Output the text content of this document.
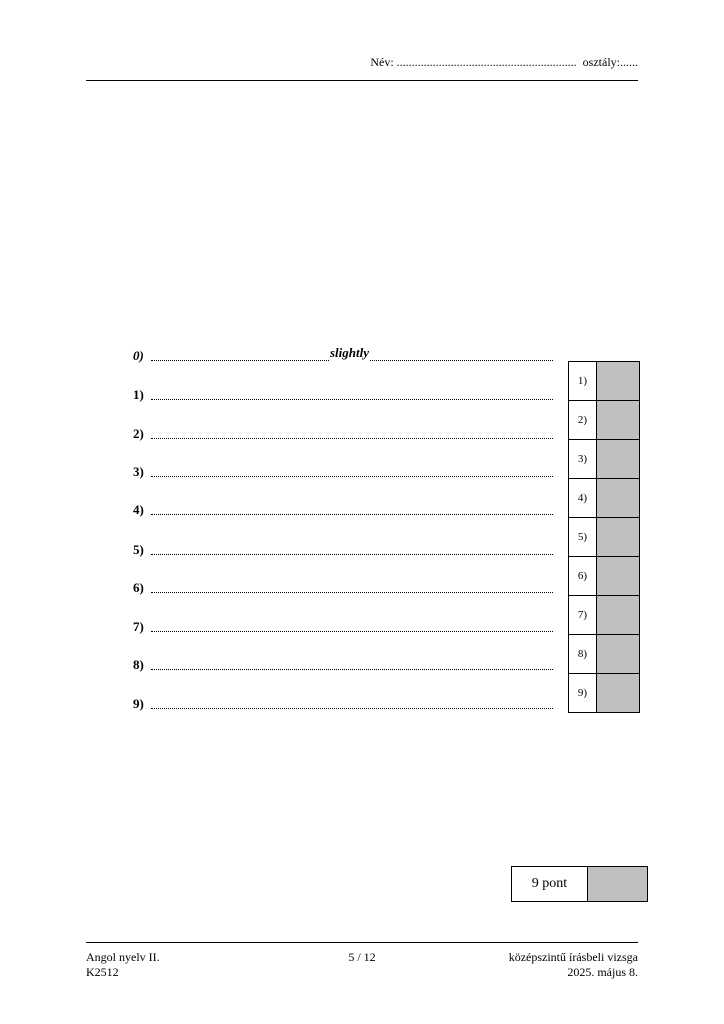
Név:
............................................................
osztály: ......
0)	slightly
1)
2)
3)
4)
5)
6)
7)
8)
9)
1)
2)
3)
4)
5)
6)
7)
8)
9)
9 pont
Angol nyelv II.
K2512
5 / 12	középszintű írásbeli vizsga
2025. május 8.
